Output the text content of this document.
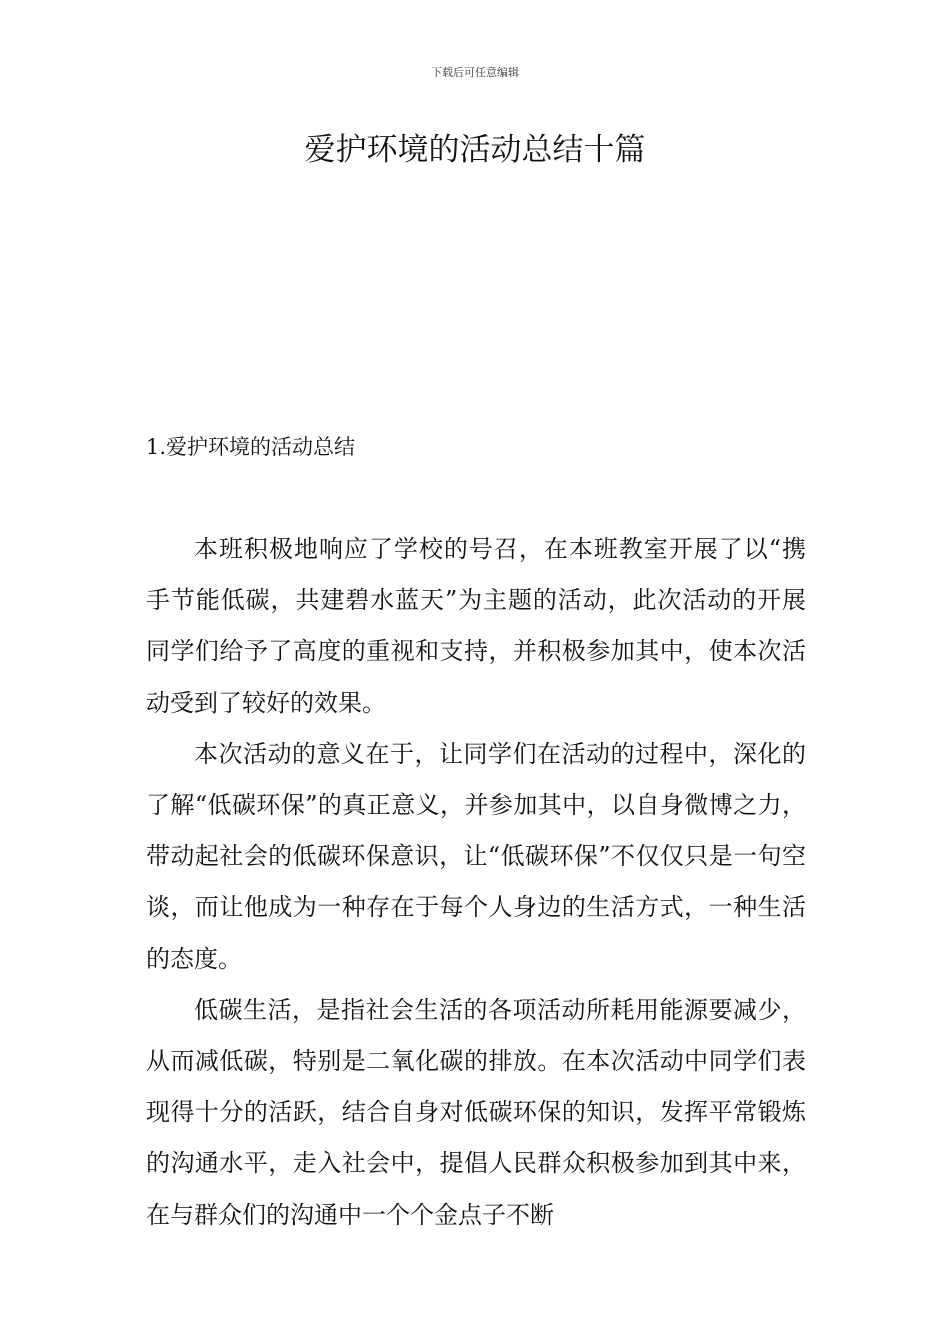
下载后可任意编辑
爱护环境的活动总结十篇
1.爱护环境的活动总结

本班积极地响应了学校的号召，在本班教室开展了以“携手节能低碳，共建碧水蓝天”为主题的活动，此次活动的开展同学们给予了高度的重视和支持，并积极参加其中，使本次活动受到了较好的效果。

本次活动的意义在于，让同学们在活动的过程中，深化的了解“低碳环保”的真正意义，并参加其中，以自身微博之力，带动起社会的低碳环保意识，让“低碳环保”不仅仅只是一句空谈，而让他成为一种存在于每个人身边的生活方式，一种生活的态度。

低碳生活，是指社会生活的各项活动所耗用能源要减少，从而减低碳，特别是二氧化碳的排放。在本次活动中同学们表现得十分的活跃，结合自身对低碳环保的知识，发挥平常锻炼的沟通水平，走入社会中，提倡人民群众积极参加到其中来，在与群众们的沟通中一个个金点子不断
